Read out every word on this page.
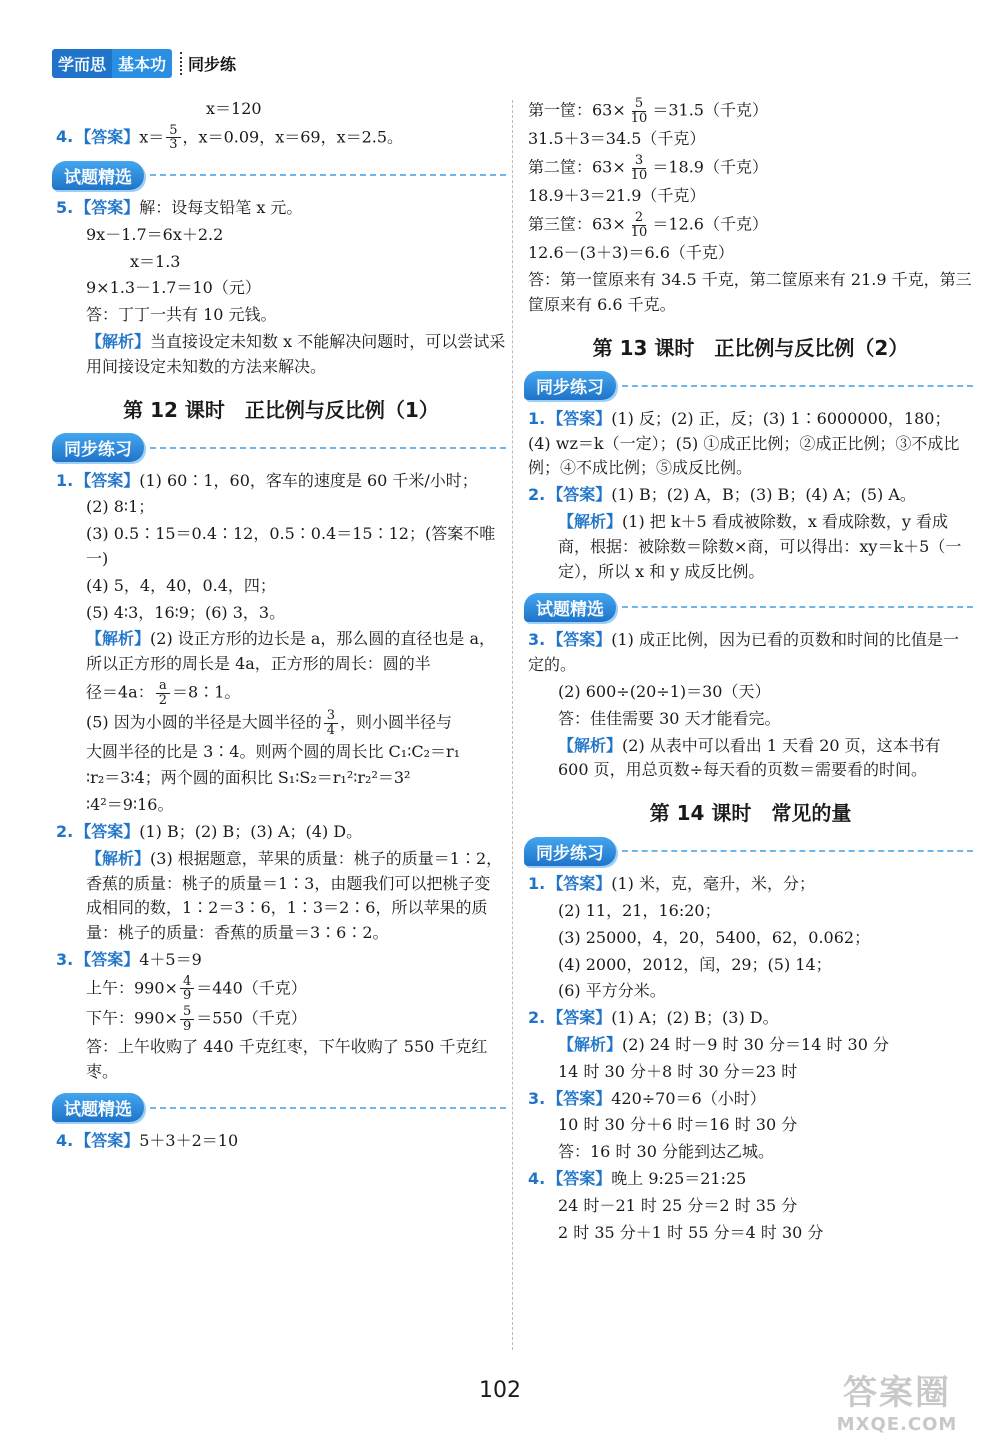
学而思 基本功	同步练
x＝120
4. 【答案】$x= \frac{5}{3}$ ，x＝0.09，x＝69，x＝2.5。
试题精选
5. 【答案】解：设每支铅笔 x 元。
9x－1.7＝6x＋2.2
x＝1.3
9×1.3－1.7＝10（元）
答：丁丁一共有 10 元钱。
【解析】当直接设定未知数 x 不能解决问题时，可以尝试采用间接设定未知数的方法来解决。
第 12 课时　正比例与反比例（1）
同步练习
1. 【答案】(1) 60∶1，60，客车的速度是 60 千米/小时；
(2) 8∶1；
(3) 0.5∶15＝0.4∶12，0.5∶0.4＝15∶12；(答案不唯一)
(4) 5，4，40，0.4，四；
(5) 4∶3，16∶9；(6) 3，3。
【解析】(2) 设正方形的边长是 a，那么圆的直径也是 a，所以正方形的周长是 4a，正方形的周长：圆的半
径＝4a： $\frac{a}{2}$ ＝8∶1。
(5) 因为小圆的半径是大圆半径的 $\frac{3}{4}$ ，则小圆半径与
大圆半径的比是 3∶4。则两个圆的周长比 C₁∶C₂＝r₁
∶r₂＝3∶4；两个圆的面积比 S₁∶S₂＝r₁²∶r₂²＝3²
∶4²＝9∶16。
2. 【答案】(1) B；(2) B；(3) A；(4) D。
【解析】(3) 根据题意，苹果的质量：桃子的质量＝1∶2，香蕉的质量：桃子的质量＝1∶3，由题我们可以把桃子变成相同的数，1∶2＝3∶6，1∶3＝2∶6，所以苹果的质量：桃子的质量：香蕉的质量＝3∶6∶2。
3. 【答案】4＋5＝9
上午：$990\times \frac{4}{9} =440$（千克）
下午：$990\times \frac{5}{9} =550$（千克）
答：上午收购了 440 千克红枣，下午收购了 550 千克红枣。
试题精选
4. 【答案】5＋3＋2＝10
第一筐：$63\times \frac{5}{10} =31.5$（千克）
31.5＋3＝34.5（千克）
第二筐：$63\times \frac{3}{10} =18.9$（千克）
18.9＋3＝21.9（千克）
第三筐：$63\times \frac{2}{10} =12.6$（千克）
12.6－(3＋3)＝6.6（千克）
答：第一筐原来有 34.5 千克，第二筐原来有 21.9 千克，第三筐原来有 6.6 千克。
第 13 课时　正比例与反比例（2）
同步练习
1. 【答案】(1) 反；(2) 正，反；(3) 1∶6000000，180；(4) wz＝k（一定）；(5) ①成正比例；②成正比例；③不成比例；④不成比例；⑤成反比例。
2. 【答案】(1) B；(2) A，B；(3) B；(4) A；(5) A。
【解析】(1) 把 k＋5 看成被除数，x 看成除数，y 看成商，根据：被除数＝除数×商，可以得出：xy＝k＋5（一定），所以 x 和 y 成反比例。
试题精选
3. 【答案】(1) 成正比例，因为已看的页数和时间的比值是一定的。
(2) 600÷(20÷1)＝30（天）
答：佳佳需要 30 天才能看完。
【解析】(2) 从表中可以看出 1 天看 20 页，这本书有 600 页，用总页数÷每天看的页数＝需要看的时间。
第 14 课时　常见的量
同步练习
1. 【答案】(1) 米，克，毫升，米，分；
(2) 11，21，16:20；
(3) 25000，4，20，5400，62，0.062；
(4) 2000，2012，闰，29；(5) 14；
(6) 平方分米。
2. 【答案】(1) A；(2) B；(3) D。
【解析】(2) 24 时－9 时 30 分＝14 时 30 分
14 时 30 分＋8 时 30 分＝23 时
3. 【答案】420÷70＝6（小时）
10 时 30 分＋6 时＝16 时 30 分
答：16 时 30 分能到达乙城。
4. 【答案】晚上 9:25＝21:25
24 时－21 时 25 分＝2 时 35 分
2 时 35 分＋1 时 55 分＝4 时 30 分
102	答案圈
MXQE.COM
